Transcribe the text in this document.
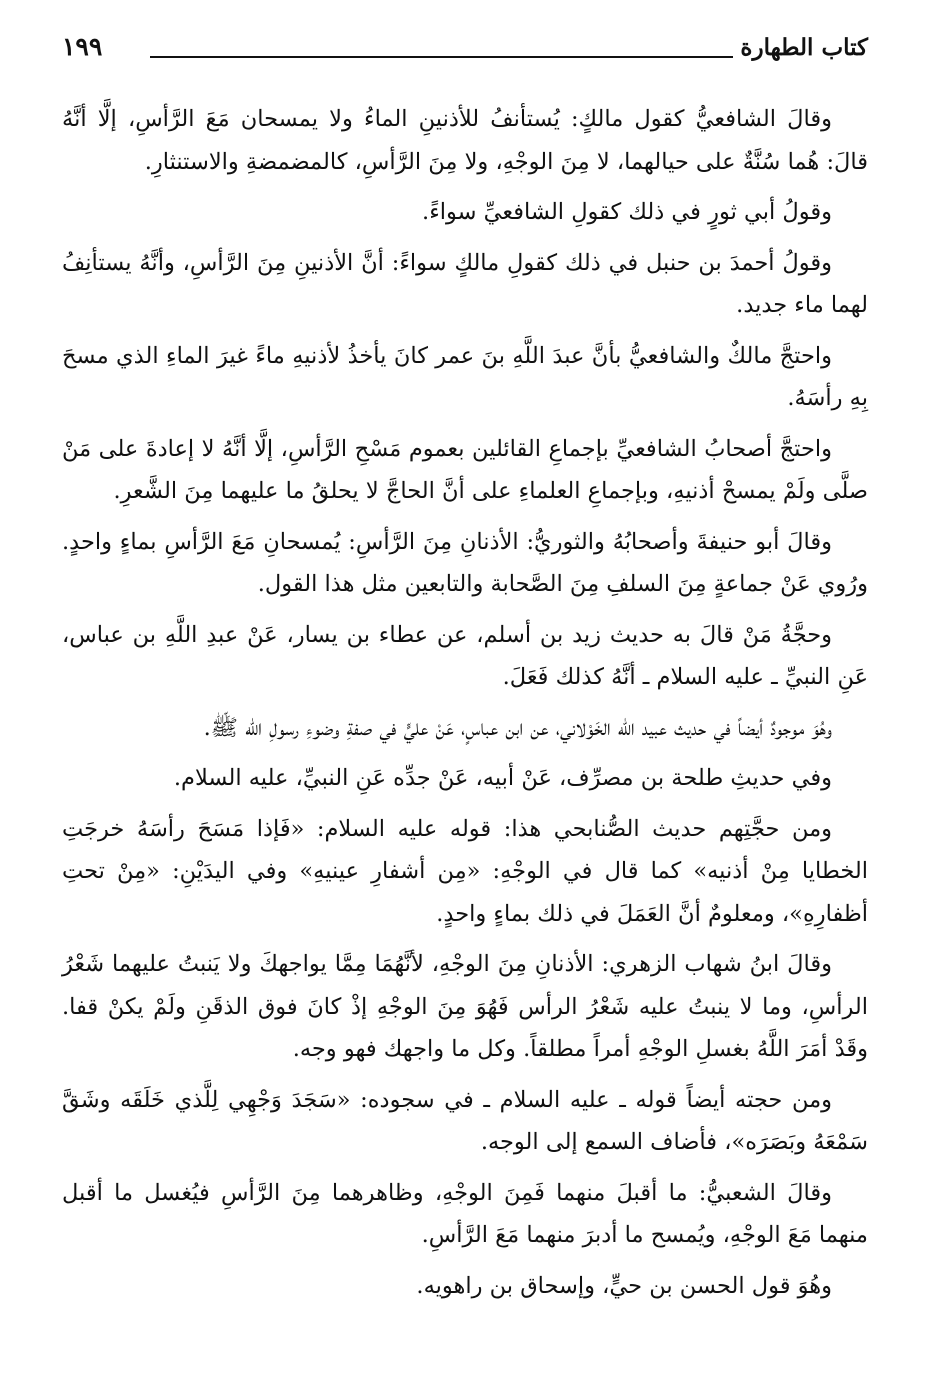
كتاب الطهارة
١٩٩

وقالَ الشافعيُّ كقول مالكٍ: يُستأنفُ للأذنينِ الماءُ ولا يمسحان مَعَ الرَّأسِ، إلَّا أنَّهُ قالَ: هُما سُنَّةٌ على حيالهما، لا مِنَ الوجْهِ، ولا مِنَ الرَّأسِ، كالمضمضةِ والاستنثارِ.

وقولُ أبي ثورٍ في ذلك كقولِ الشافعيِّ سواءً.

وقولُ أحمدَ بن حنبل في ذلك كقولِ مالكٍ سواءً: أنَّ الأذنينِ مِنَ الرَّأسِ، وأنَّهُ يستأنِفُ لهما ماء جديد.

واحتجَّ مالكٌ والشافعيُّ بأنَّ عبدَ اللَّهِ بنَ عمر كانَ يأخذُ لأذنيهِ ماءً غيرَ الماءِ الذي مسحَ بِهِ رأسَهُ.

واحتجَّ أصحابُ الشافعيِّ بإجماعِ القائلين بعموم مَسْحِ الرَّأسِ، إلَّا أنَّهُ لا إعادةَ على مَنْ صلَّى ولَمْ يمسحْ أذنيهِ، وبإجماعِ العلماءِ على أنَّ الحاجَّ لا يحلقُ ما عليهما مِنَ الشَّعرِ.

وقالَ أبو حنيفةَ وأصحابُهُ والثوريُّ: الأذنانِ مِنَ الرَّأسِ: يُمسحانِ مَعَ الرَّأسِ بماءٍ واحدٍ. ورُوي عَنْ جماعةٍ مِنَ السلفِ مِنَ الصَّحابة والتابعين مثل هذا القول.

وحجَّةُ مَنْ قالَ به حديث زيد بن أسلم، عن عطاء بن يسار، عَنْ عبدِ اللَّهِ بن عباس، عَنِ النبيِّ ـ عليه السلام ـ أنَّهُ كذلك فَعَلَ.

وهُوَ موجودٌ أيضاً في حديث عبيد الله الخَوْلاني، عن ابن عباسٍ، عَنْ عليٍّ في صفةِ وضوءِ رسولِ الله ﷺ.

وفي حديثِ طلحة بن مصرِّف، عَنْ أبيه، عَنْ جدِّه عَنِ النبيِّ، عليه السلام.

ومن حجَّتِهم حديث الصُّنابحي هذا: قوله عليه السلام: «فَإذا مَسَحَ رأسَهُ خرجَتِ الخطايا مِنْ أذنيه» كما قال في الوجْهِ: «مِن أشفارِ عينيهِ» وفي اليدَيْنِ: «مِنْ تحتِ أظفارِهِ»، ومعلومٌ أنَّ العَمَلَ في ذلك بماءٍ واحدٍ.

وقالَ ابنُ شهاب الزهري: الأذنانِ مِنَ الوجْهِ، لأنَّهُمَا مِمَّا يواجهكَ ولا يَنبتُ عليهما شَعْرُ الرأسِ، وما لا ينبتُ عليه شَعْرُ الرأس فَهُوَ مِنَ الوجْهِ إذْ كانَ فوق الذقَنِ ولَمْ يكنْ قفا. وقَدْ أمَرَ اللَّهُ بغسلِ الوجْهِ أمراً مطلقاً. وكل ما واجهك فهو وجه.

ومن حجته أيضاً قوله ـ عليه السلام ـ في سجوده: «سَجَدَ وَجْهِي لِلَّذي خَلَقَه وشَقَّ سَمْعَهُ وبَصَرَه»، فأضاف السمع إلى الوجه.

وقالَ الشعبيُّ: ما أقبلَ منهما فَمِنَ الوجْهِ، وظاهرهما مِنَ الرَّأسِ فيُغسل ما أقبل منهما مَعَ الوجْهِ، ويُمسح ما أدبرَ منهما مَعَ الرَّأسِ.

وهُوَ قول الحسن بن حيٍّ، وإسحاق بن راهويه.
